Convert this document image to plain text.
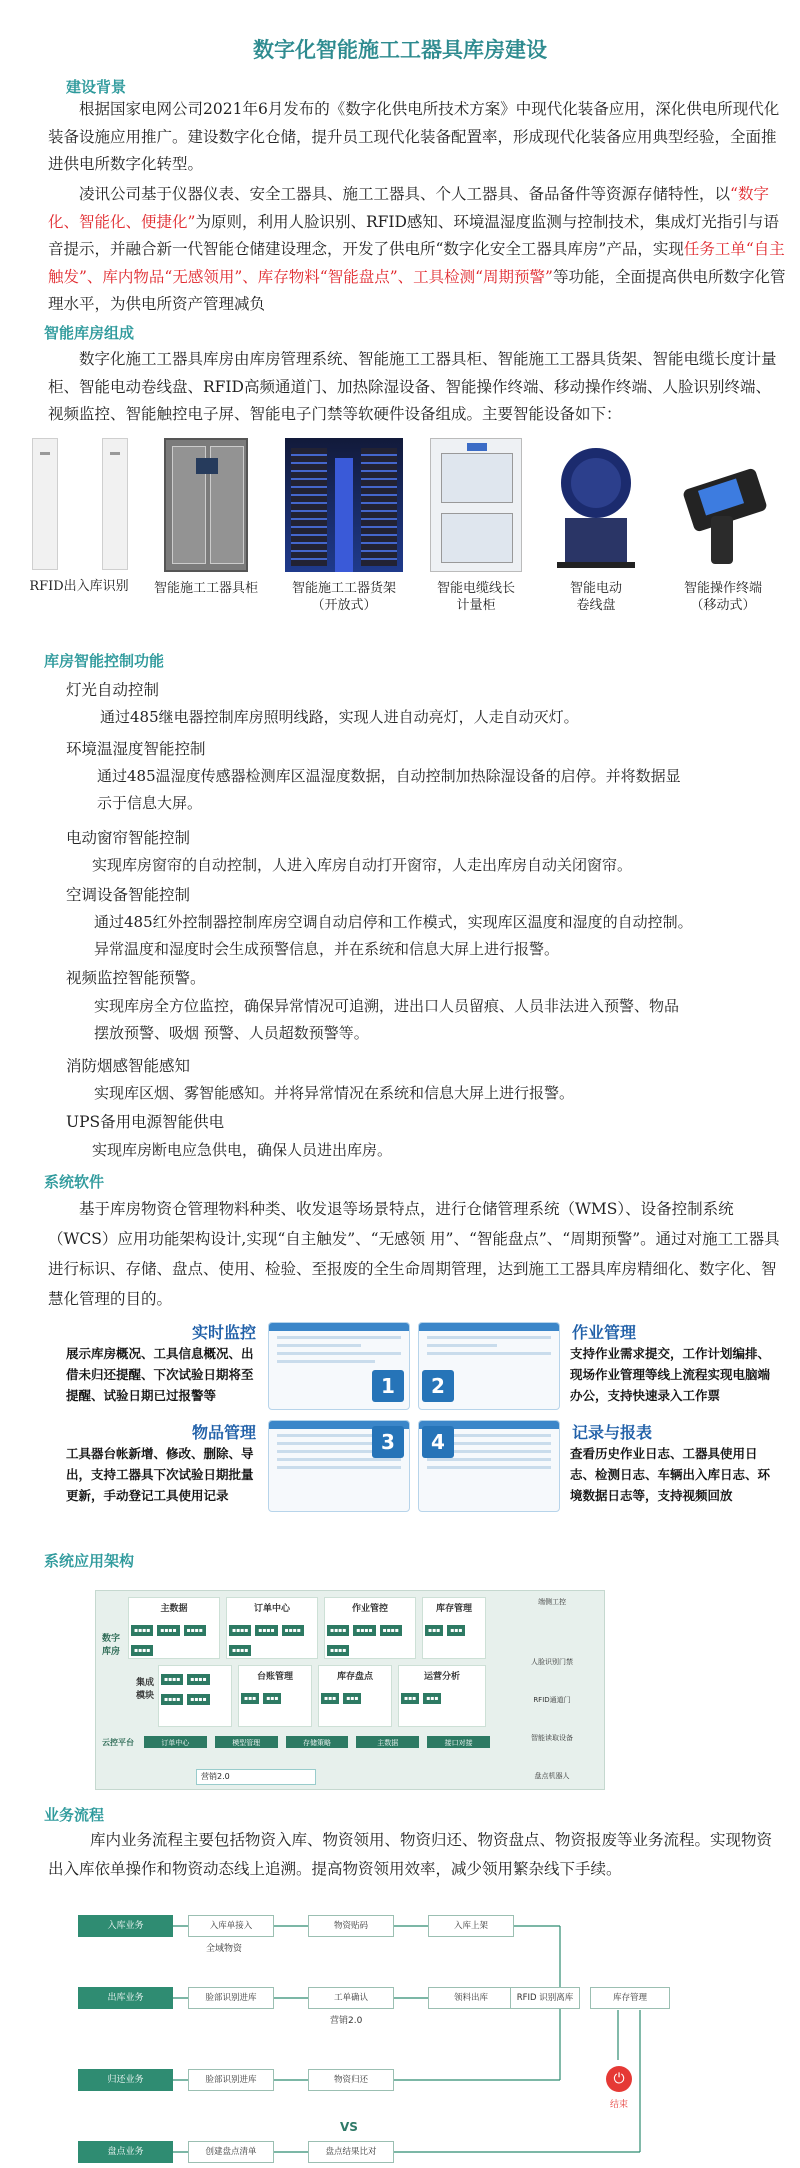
数字化智能施工工器具库房建设
建设背景
根据国家电网公司2021年6月发布的《数字化供电所技术方案》中现代化装备应用，深化供电所现代化装备设施应用推广。建设数字化仓储，提升员工现代化装备配置率，形成现代化装备应用典型经验，全面推进供电所数字化转型。
凌讯公司基于仪器仪表、安全工器具、施工工器具、个人工器具、备品备件等资源存储特性，以“数字化、智能化、便捷化”为原则，利用人脸识别、RFID感知、环境温湿度监测与控制技术，集成灯光指引与语音提示，并融合新一代智能仓储建设理念，开发了供电所“数字化安全工器具库房”产品，实现任务工单“自主触发”、库内物品“无感领用”、库存物料“智能盘点”、工具检测“周期预警”等功能，全面提高供电所数字化管理水平，为供电所资产管理减负
智能库房组成
数字化施工工器具库房由库房管理系统、智能施工工器具柜、智能施工工器具货架、智能电缆长度计量柜、智能电动卷线盘、RFID高频通道门、加热除湿设备、智能操作终端、移动操作终端、人脸识别终端、视频监控、智能触控电子屏、智能电子门禁等软硬件设备组成。主要智能设备如下：
RFID出入库识别	智能施工工器具柜	智能施工工器货架
（开放式）
智能电缆线长
计量柜
智能电动
卷线盘
智能操作终端
（移动式）
库房智能控制功能
灯光自动控制
通过485继电器控制库房照明线路，实现人进自动亮灯，人走自动灭灯。
环境温湿度智能控制
通过485温湿度传感器检测库区温湿度数据，自动控制加热除湿设备的启停。并将数据显
示于信息大屏。
电动窗帘智能控制
实现库房窗帘的自动控制，人进入库房自动打开窗帘，人走出库房自动关闭窗帘。
空调设备智能控制
通过485红外控制器控制库房空调自动启停和工作模式，实现库区温度和湿度的自动控制。
异常温度和湿度时会生成预警信息，并在系统和信息大屏上进行报警。
视频监控智能预警。
实现库房全方位监控，确保异常情况可追溯，进出口人员留痕、人员非法进入预警、物品
摆放预警、吸烟 预警、人员超数预警等。
消防烟感智能感知
实现库区烟、雾智能感知。并将异常情况在系统和信息大屏上进行报警。
UPS备用电源智能供电
实现库房断电应急供电，确保人员进出库房。
系统软件
基于库房物资仓管理物料种类、收发退等场景特点，进行仓储管理系统（WMS）、设备控制系统（WCS）应用功能架构设计,实现“自主触发”、“无感领 用”、“智能盘点”、“周期预警”。通过对施工工器具进行标识、存储、盘点、使用、检验、至报废的全生命周期管理，达到施工工器具库房精细化、数字化、智慧化管理的目的。
实时监控
展示库房概况、工具信息概况、出借未归还提醒、下次试验日期将至提醒、试验日期已过报警等	1	2
作业管理
支持作业需求提交，工作计划编排、现场作业管理等线上流程实现电脑端办公，支持快速录入工作票
物品管理
工具器台帐新增、修改、删除、导出，支持工器具下次试验日期批量更新，手动登记工具使用记录
3	4	记录与报表
查看历史作业日志、工器具使用日志、检测日志、车辆出入库日志、环境数据日志等，支持视频回放
系统应用架构
数字库房
主数据
▪▪▪▪ ▪▪▪▪ ▪▪▪▪▪▪▪▪
订单中心
▪▪▪▪ ▪▪▪▪ ▪▪▪▪▪▪▪▪
作业管控
▪▪▪▪ ▪▪▪▪ ▪▪▪▪▪▪▪▪
库存管理
▪▪▪ ▪▪▪
集成模块
▪▪▪▪ ▪▪▪▪▪▪▪▪ ▪▪▪▪
台账管理
▪▪▪ ▪▪▪
库存盘点
▪▪▪ ▪▪▪
运营分析
▪▪▪ ▪▪▪
云控平台	订单中心	模型管理	存储策略	主数据	接口对接
营销2.0
端侧工控
人脸识别门禁
RFID通道门
智能读取设备
盘点机器人
业务流程
库内业务流程主要包括物资入库、物资领用、物资归还、物资盘点、物资报废等业务流程。实现物资出入库依单操作和物资动态线上追溯。提高物资领用效率，减少领用繁杂线下手续。
入库业务
出库业务
归还业务
盘点业务
入库单接入
全域物资
物资贴码	入库上架
脸部识别进库	工单确认
营销2.0
领料出库	RFID 识别离库	库存管理
⏻
结束
脸部识别进库	物资归还
创建盘点清单
VS
盘点结果比对
